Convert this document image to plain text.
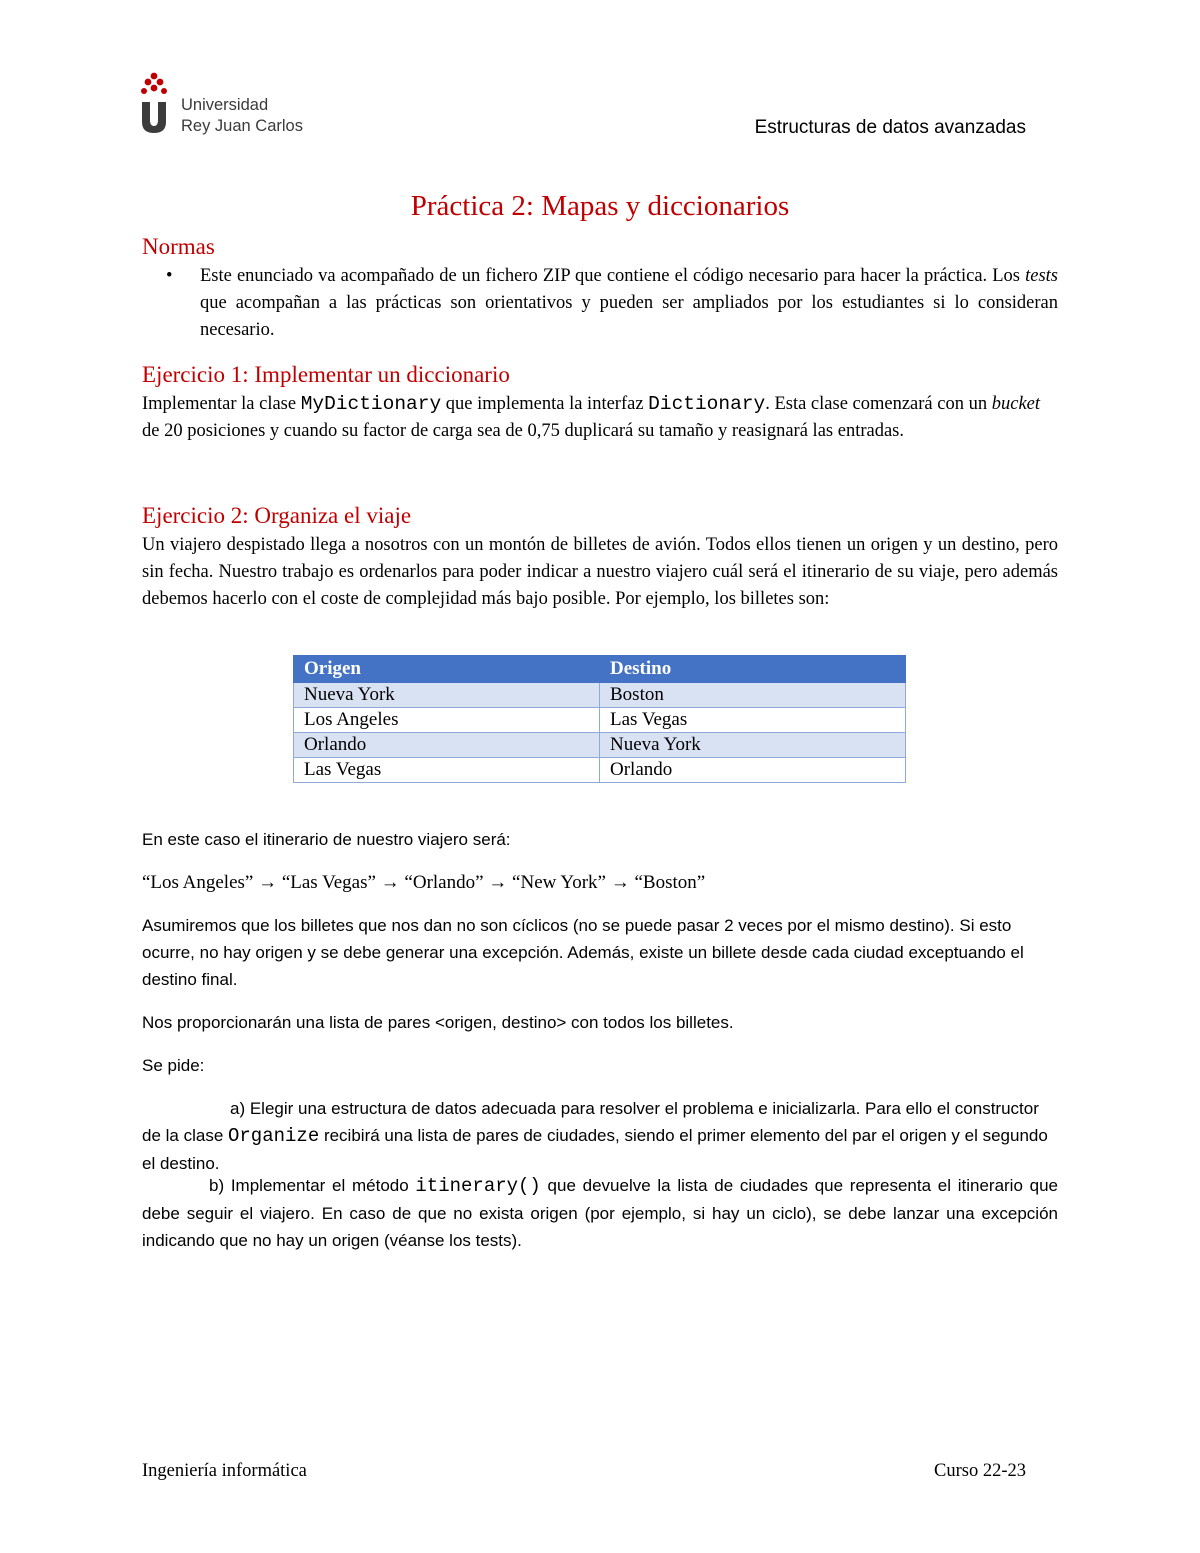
Universidad
Rey Juan Carlos	Estructuras de datos avanzadas
Práctica 2: Mapas y diccionarios
Normas
• Este enunciado va acompañado de un fichero ZIP que contiene el código necesario para hacer la práctica. Los tests que acompañan a las prácticas son orientativos y pueden ser ampliados por los estudiantes si lo consideran necesario.
Ejercicio 1: Implementar un diccionario
Implementar la clase MyDictionary que implementa la interfaz Dictionary. Esta clase comenzará con un bucket de 20 posiciones y cuando su factor de carga sea de 0,75 duplicará su tamaño y reasignará las entradas.
Ejercicio 2: Organiza el viaje
Un viajero despistado llega a nosotros con un montón de billetes de avión. Todos ellos tienen un origen y un destino, pero sin fecha. Nuestro trabajo es ordenarlos para poder indicar a nuestro viajero cuál será el itinerario de su viaje, pero además debemos hacerlo con el coste de complejidad más bajo posible. Por ejemplo, los billetes son:
Origen	Destino
Nueva York	Boston
Los Angeles	Las Vegas
Orlando	Nueva York
Las Vegas	Orlando
En este caso el itinerario de nuestro viajero será:
“Los Angeles” → “Las Vegas” → “Orlando” → “New York” → “Boston”
Asumiremos que los billetes que nos dan no son cíclicos (no se puede pasar 2 veces por el mismo destino). Si esto ocurre, no hay origen y se debe generar una excepción. Además, existe un billete desde cada ciudad exceptuando el destino final.
Nos proporcionarán una lista de pares <origen, destino> con todos los billetes.
Se pide:
a) Elegir una estructura de datos adecuada para resolver el problema e inicializarla. Para ello el constructor de la clase Organize recibirá una lista de pares de ciudades, siendo el primer elemento del par el origen y el segundo el destino.
b) Implementar el método itinerary() que devuelve la lista de ciudades que representa el itinerario que debe seguir el viajero. En caso de que no exista origen (por ejemplo, si hay un ciclo), se debe lanzar una excepción indicando que no hay un origen (véanse los tests).
Ingeniería informática	Curso 22-23
